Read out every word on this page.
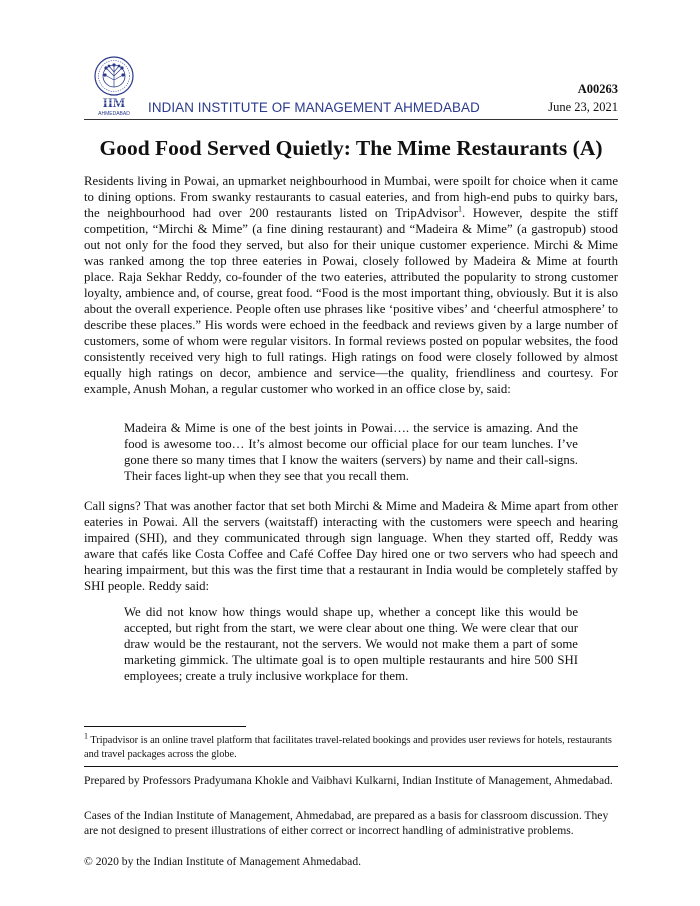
IIM
AHMEDABAD INDIAN INSTITUTE OF MANAGEMENT AHMEDABAD
A00263
June 23, 2021
Good Food Served Quietly: The Mime Restaurants (A)

Residents living in Powai, an upmarket neighbourhood in Mumbai, were spoilt for choice when it came to dining options. From swanky restaurants to casual eateries, and from high-end pubs to quirky bars, the neighbourhood had over 200 restaurants listed on TripAdvisor$^1$. However, despite the stiff competition, “Mirchi & Mime” (a fine dining restaurant) and “Madeira & Mime” (a gastropub) stood out not only for the food they served, but also for their unique customer experience. Mirchi & Mime was ranked among the top three eateries in Powai, closely followed by Madeira & Mime at fourth place. Raja Sekhar Reddy, co-founder of the two eateries, attributed the popularity to strong customer loyalty, ambience and, of course, great food. “Food is the most important thing, obviously. But it is also about the overall experience. People often use phrases like ‘positive vibes’ and ‘cheerful atmosphere’ to describe these places.” His words were echoed in the feedback and reviews given by a large number of customers, some of whom were regular visitors. In formal reviews posted on popular websites, the food consistently received very high to full ratings. High ratings on food were closely followed by almost equally high ratings on decor, ambience and service—the quality, friendliness and courtesy. For example, Anush Mohan, a regular customer who worked in an office close by, said:

Madeira & Mime is one of the best joints in Powai…. the service is amazing. And the food is awesome too… It’s almost become our official place for our team lunches. I’ve gone there so many times that I know the waiters (servers) by name and their call-signs. Their faces light-up when they see that you recall them.

Call signs? That was another factor that set both Mirchi & Mime and Madeira & Mime apart from other eateries in Powai. All the servers (waitstaff) interacting with the customers were speech and hearing impaired (SHI), and they communicated through sign language. When they started off, Reddy was aware that cafés like Costa Coffee and Café Coffee Day hired one or two servers who had speech and hearing impairment, but this was the first time that a restaurant in India would be completely staffed by SHI people. Reddy said:

We did not know how things would shape up, whether a concept like this would be accepted, but right from the start, we were clear about one thing. We were clear that our draw would be the restaurant, not the servers. We would not make them a part of some marketing gimmick. The ultimate goal is to open multiple restaurants and hire 500 SHI employees; create a truly inclusive workplace for them.

$^1$ Tripadvisor is an online travel platform that facilitates travel-related bookings and provides user reviews for hotels, restaurants and travel packages across the globe.

Prepared by Professors Pradyumana Khokle and Vaibhavi Kulkarni, Indian Institute of Management, Ahmedabad.

Cases of the Indian Institute of Management, Ahmedabad, are prepared as a basis for classroom discussion. They are not designed to present illustrations of either correct or incorrect handling of administrative problems.

© 2020 by the Indian Institute of Management Ahmedabad.
